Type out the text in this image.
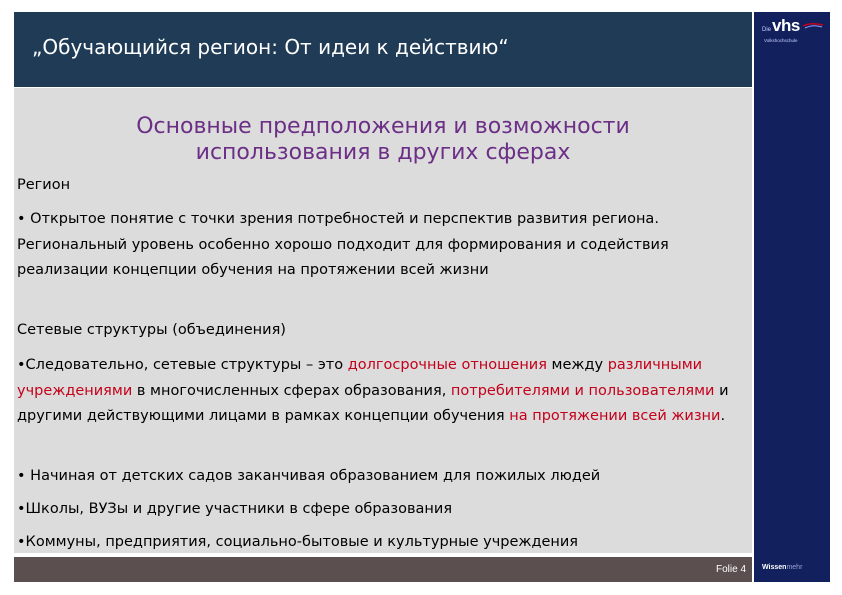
„Обучающийся регион: От идеи к действию“
Die vhs
Volkshochschule
Основные предположения и возможности
использования в других сферах
Регион
• Открытое понятие с точки зрения потребностей и перспектив развития региона. Региональный уровень особенно хорошо подходит для формирования и содействия реализации концепции обучения на протяжении всей жизни
Сетевые структуры (объединения)
•Следовательно, сетевые структуры – это долгосрочные отношения между различными учреждениями в многочисленных сферах образования, потребителями и пользователями и другими действующими лицами в рамках концепции обучения на протяжении всей жизни.
• Начиная от детских садов заканчивая образованием для пожилых людей
•Школы, ВУЗы и другие участники в сфере образования
•Коммуны, предприятия, социально-бытовые и культурные учреждения
Folie 4 Wissenmehr
